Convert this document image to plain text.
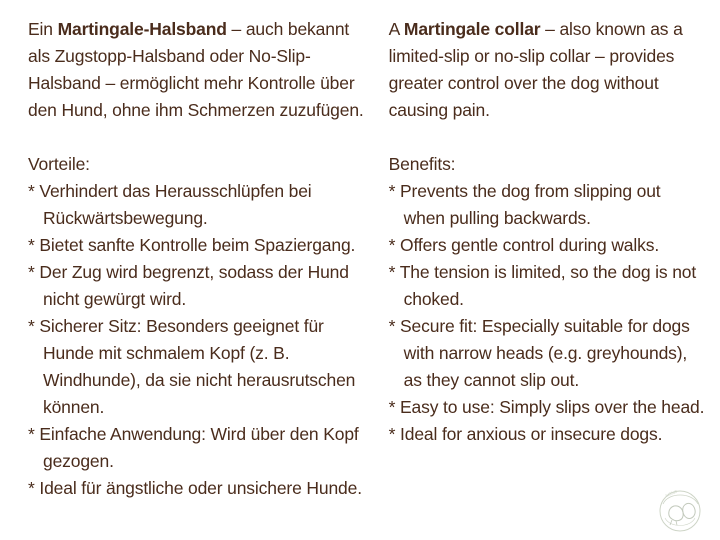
Ein Martingale-Halsband – auch bekannt als Zugstopp-Halsband oder No-Slip-Halsband – ermöglicht mehr Kontrolle über den Hund, ohne ihm Schmerzen zuzufügen.

Vorteile:

* Verhindert das Herausschlüpfen bei Rückwärtsbewegung.
* Bietet sanfte Kontrolle beim Spaziergang.
* Der Zug wird begrenzt, sodass der Hund nicht gewürgt wird.
* Sicherer Sitz: Besonders geeignet für Hunde mit schmalem Kopf (z. B. Windhunde), da sie nicht herausrutschen können.
* Einfache Anwendung: Wird über den Kopf gezogen.
* Ideal für ängstliche oder unsichere Hunde.

A Martingale collar – also known as a limited-slip or no-slip collar – provides greater control over the dog without causing pain.

Benefits:

* Prevents the dog from slipping out when pulling backwards.
* Offers gentle control during walks.
* The tension is limited, so the dog is not choked.
* Secure fit: Especially suitable for dogs with narrow heads (e.g. greyhounds), as they cannot slip out.
* Easy to use: Simply slips over the head.
* Ideal for anxious or insecure dogs.
\u00a0
